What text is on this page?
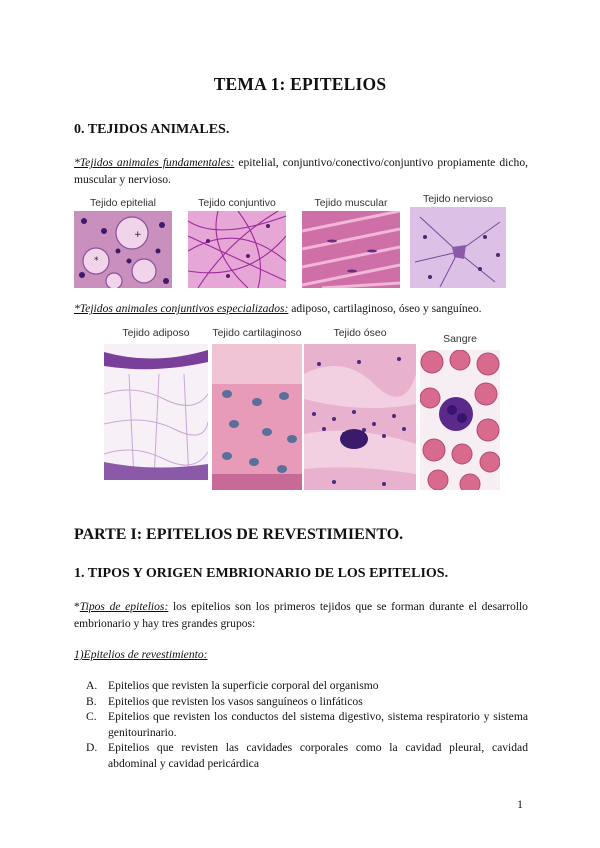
TEMA 1: EPITELIOS
0. TEJIDOS ANIMALES.
*Tejidos animales fundamentales: epitelial, conjuntivo/conectivo/conjuntivo propiamente dicho, muscular y nervioso.
+
*
Tejido epitelial	Tejido conjuntivo	Tejido muscular	Tejido nervioso
*Tejidos animales conjuntivos especializados: adiposo, cartilaginoso, óseo y sanguíneo.
Tejido adiposo	Tejido cartilaginoso	Tejido óseo	Sangre
PARTE I: EPITELIOS DE REVESTIMIENTO.
1. TIPOS Y ORIGEN EMBRIONARIO DE LOS EPITELIOS.
*Tipos de epitelios: los epitelios son los primeros tejidos que se forman durante el desarrollo embrionario y hay tres grandes grupos:
1)Epitelios de revestimiento:
A. Epitelios que revisten la superficie corporal del organismo
B. Epitelios que revisten los vasos sanguíneos o linfáticos
C. Epitelios que revisten los conductos del sistema digestivo, sistema respiratorio y sistema genitourinario.
D. Epitelios que revisten las cavidades corporales como la cavidad pleural, cavidad abdominal y cavidad pericárdica
1
